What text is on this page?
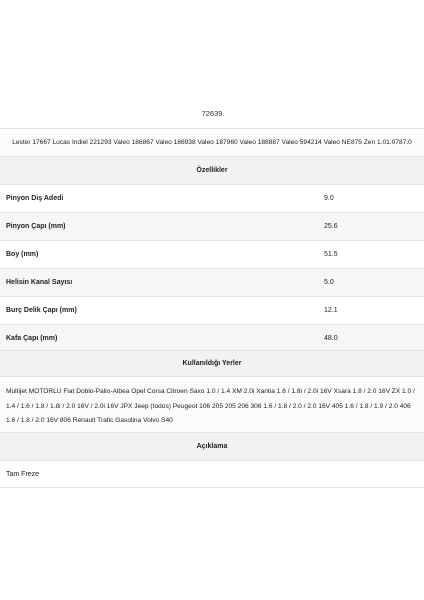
72639
Lester 17667 Lucas Indiel 221293 Valeo 186867 Valeo 186938 Valeo 187960 Valeo 188887 Valeo 594214 Valeo NE875 Zen 1.01.0787.0
Özellikler
Pinyon Diş Adedi	9.0
Pinyon Çapı (mm)	25.6
Boy (mm)	51.5
Helisin Kanal Sayısı	5.0
Burç Delik Çapı (mm)	12.1
Kafa Çapı (mm)	48.0
Kullanıldığı Yerler
Multijet MOTORLU Fiat Doblo-Palio-Albea Opel Corsa Citroen Saxo 1.0 / 1.4 XM 2.0i Xantia 1.6 / 1.8i / 2.0i 16V Xsara 1.8 / 2.0 16V ZX 1.0 / 1.4 / 1.6 / 1.8 / 1.8i / 2.0 16V / 2.0i 16V JPX Jeep (todos) Peugeot 106 205 205 206 306 1.6 / 1.8 / 2.0 / 2.0 16V 405 1.6 / 1.8 / 1.9 / 2.0 406 1.6 / 1.8 / 2.0 16V 806 Renault Trafic Gasolina Volvo S40
Açıklama
Tam Freze
